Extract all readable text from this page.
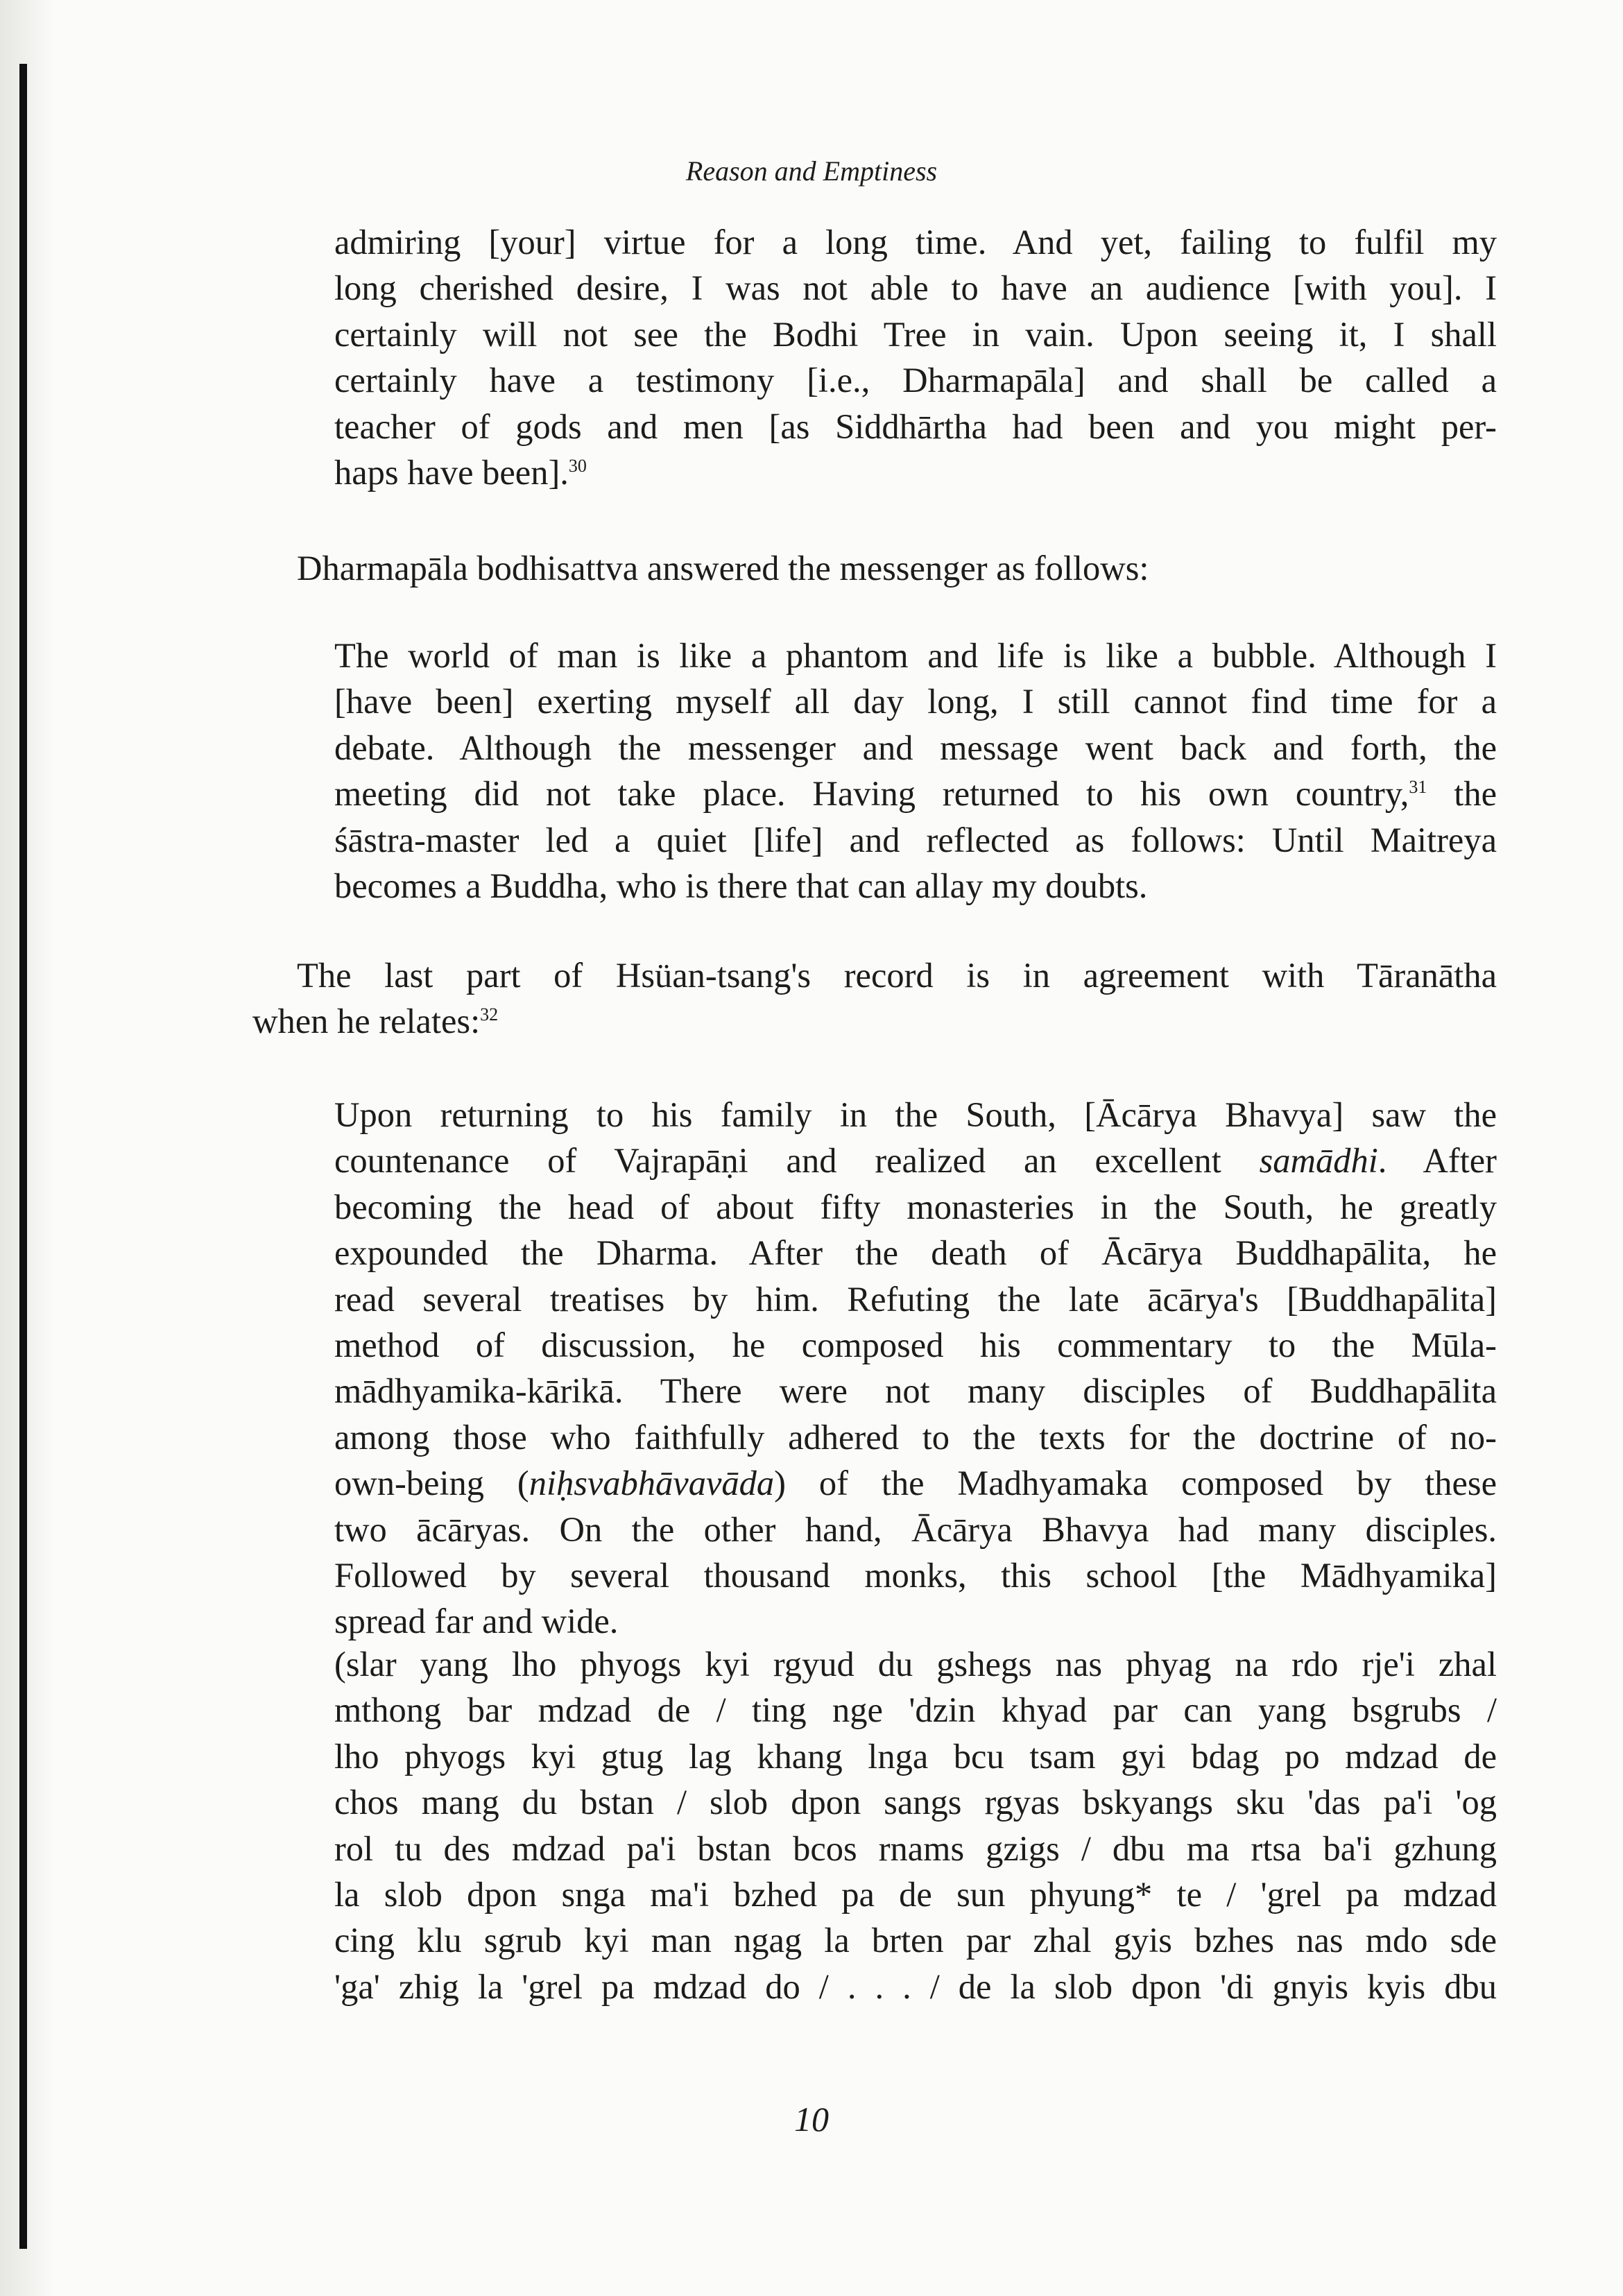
Reason and Emptiness
admiring [your] virtue for a long time. And yet, failing to fulfil my
long cherished desire, I was not able to have an audience [with you]. I
certainly will not see the Bodhi Tree in vain. Upon seeing it, I shall
certainly have a testimony [i.e., Dharmapāla] and shall be called a
teacher of gods and men [as Siddhārtha had been and you might per-
haps have been].$^{30}$
Dharmapāla bodhisattva answered the messenger as follows:
The world of man is like a phantom and life is like a bubble. Although I
[have been] exerting myself all day long, I still cannot find time for a
debate. Although the messenger and message went back and forth, the
meeting did not take place. Having returned to his own country,$^{31}$ the
śāstra-master led a quiet [life] and reflected as follows: Until Maitreya
becomes a Buddha, who is there that can allay my doubts.
The last part of Hsüan-tsang's record is in agreement with Tāranātha
when he relates:$^{32}$
Upon returning to his family in the South, [Ācārya Bhavya] saw the
countenance of Vajrapāṇi and realized an excellent samādhi. After
becoming the head of about fifty monasteries in the South, he greatly
expounded the Dharma. After the death of Ācārya Buddhapālita, he
read several treatises by him. Refuting the late ācārya's [Buddhapālita]
method of discussion, he composed his commentary to the Mūla-
mādhyamika-kārikā. There were not many disciples of Buddhapālita
among those who faithfully adhered to the texts for the doctrine of no-
own-being (niḥsvabhāvavāda) of the Madhyamaka composed by these
two ācāryas. On the other hand, Ācārya Bhavya had many disciples.
Followed by several thousand monks, this school [the Mādhyamika]
spread far and wide.
(slar yang lho phyogs kyi rgyud du gshegs nas phyag na rdo rje'i zhal
mthong bar mdzad de / ting nge 'dzin khyad par can yang bsgrubs /
lho phyogs kyi gtug lag khang lnga bcu tsam gyi bdag po mdzad de
chos mang du bstan / slob dpon sangs rgyas bskyangs sku 'das pa'i 'og
rol tu des mdzad pa'i bstan bcos rnams gzigs / dbu ma rtsa ba'i gzhung
la slob dpon snga ma'i bzhed pa de sun phyung* te / 'grel pa mdzad
cing klu sgrub kyi man ngag la brten par zhal gyis bzhes nas mdo sde
'ga' zhig la 'grel pa mdzad do / . . . / de la slob dpon 'di gnyis kyis dbu
10
